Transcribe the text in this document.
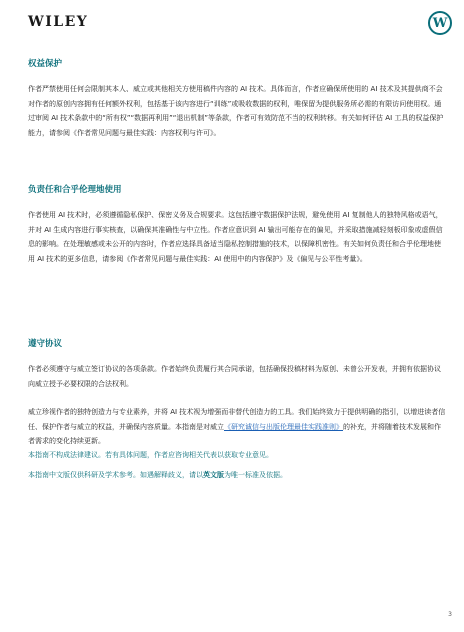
WILEY	W
权益保护

作者严禁使用任何会限制其本人、威立或其他相关方使用稿件内容的 AI 技术。具体而言，作者应确保所使用的 AI 技术及其提供商不会对作者的原创内容拥有任何额外权利，包括基于该内容进行“训练”或吸收数据的权利，唯保留为提供服务所必需的有限访问使用权。通过审阅 AI 技术条款中的“所有权”“数据再利用”“退出机制”等条款，作者可有效防范不当的权利转移。有关如何评估 AI 工具的权益保护能力，请参阅《作者常见问题与最佳实践：内容权利与许可》。

负责任和合乎伦理地使用

作者使用 AI 技术时，必须遵循隐私保护、保密义务及合规要求。这包括遵守数据保护法规，避免使用 AI 复制他人的独特风格或语气，并对 AI 生成内容进行事实核查，以确保其准确性与中立性。作者应意识到 AI 输出可能存在的偏见，并采取措施减轻刻板印象或虚假信息的影响。在处理敏感或未公开的内容时，作者应选择具备适当隐私控制措施的技术，以保障机密性。有关如何负责任和合乎伦理地使用 AI 技术的更多信息，请参阅《作者常见问题与最佳实践：AI 使用中的内容保护》及《偏见与公平性考量》。

遵守协议

作者必须遵守与威立签订协议的各项条款。作者始终负责履行其合同承诺，包括确保投稿材料为原创、未曾公开发表，并拥有依据协议向威立授予必要权限的合法权利。

威立珍视作者的独特创造力与专业素养，并将 AI 技术视为增强而非替代创造力的工具。我们始终致力于提供明确的指引，以增进读者信任、保护作者与威立的权益，并确保内容质量。本指南是对威立《研究诚信与出版伦理最佳实践准则》的补充，并将随着技术发展和作者需求的变化持续更新。

本指南不构成法律建议。若有具体问题，作者应咨询相关代表以获取专业意见。

本指南中文版仅供科研及学术参考。如遇解释歧义，请以英文版为唯一标准及依据。

3
